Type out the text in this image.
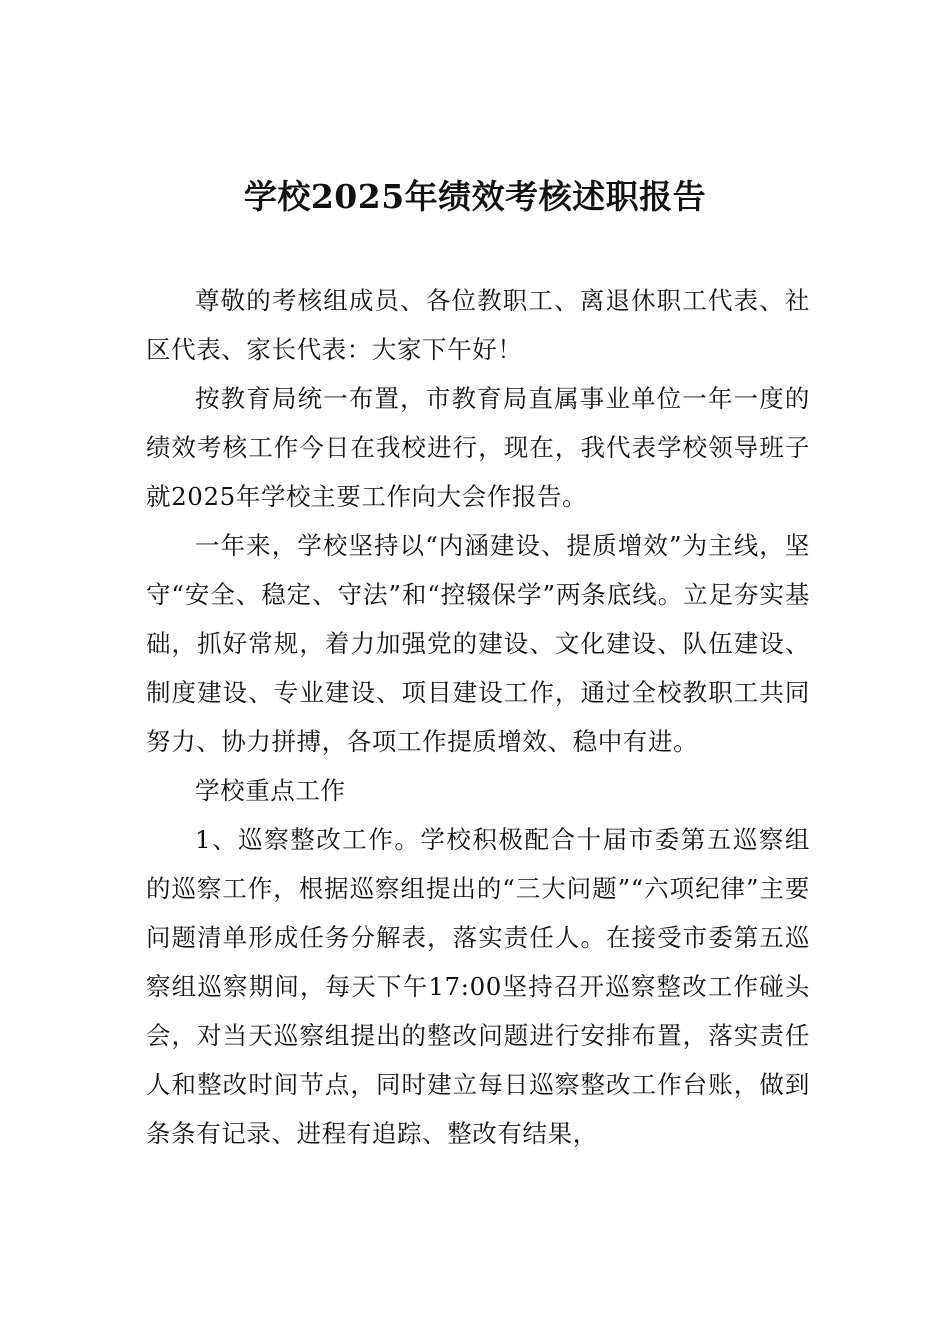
学校2025年绩效考核述职报告

尊敬的考核组成员、各位教职工、离退休职工代表、社区代表、家长代表：大家下午好！

按教育局统一布置，市教育局直属事业单位一年一度的绩效考核工作今日在我校进行，现在，我代表学校领导班子就2025年学校主要工作向大会作报告。

一年来，学校坚持以“内涵建设、提质增效”为主线，坚守“安全、稳定、守法”和“控辍保学”两条底线。立足夯实基础，抓好常规，着力加强党的建设、文化建设、队伍建设、制度建设、专业建设、项目建设工作，通过全校教职工共同努力、协力拼搏，各项工作提质增效、稳中有进。

学校重点工作

1、巡察整改工作。学校积极配合十届市委第五巡察组的巡察工作，根据巡察组提出的“三大问题”“六项纪律”主要问题清单形成任务分解表，落实责任人。在接受市委第五巡察组巡察期间，每天下午17:00坚持召开巡察整改工作碰头会，对当天巡察组提出的整改问题进行安排布置，落实责任人和整改时间节点，同时建立每日巡察整改工作台账，做到条条有记录、进程有追踪、整改有结果，
